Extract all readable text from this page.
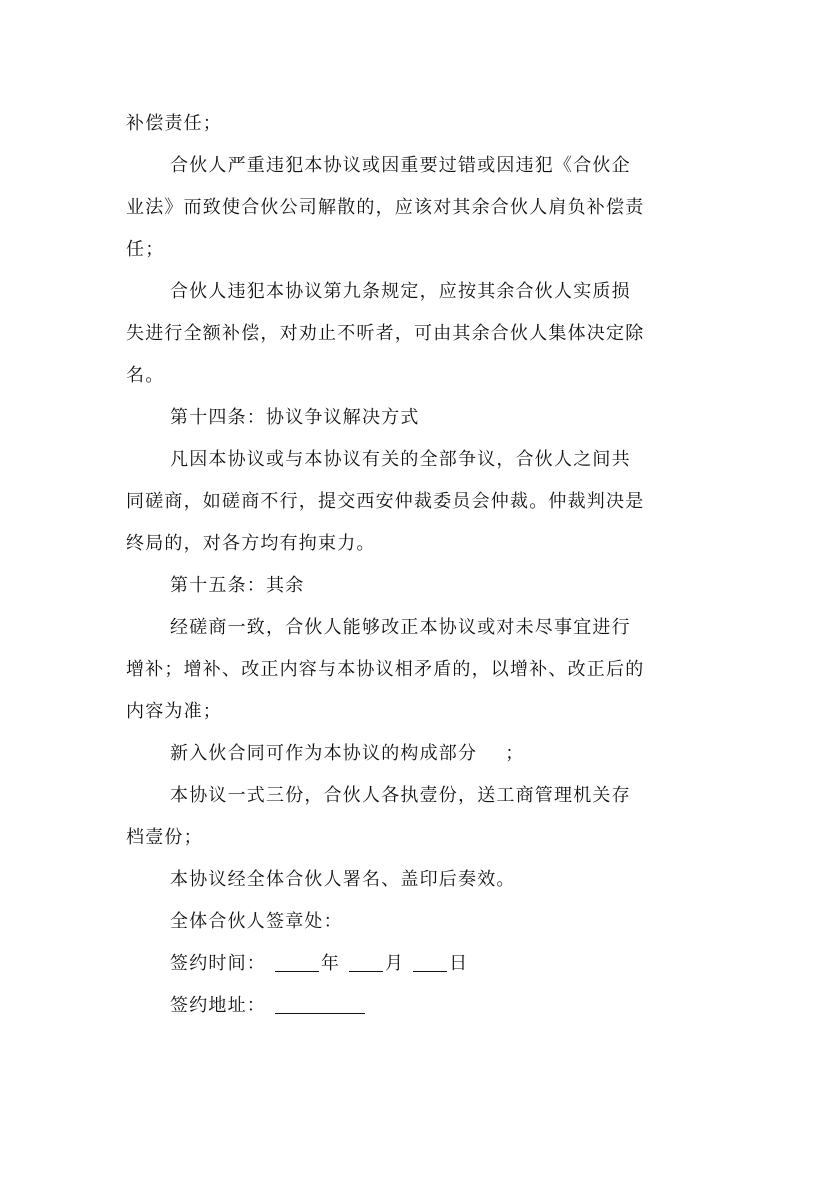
补偿责任；

合伙人严重违犯本协议或因重要过错或因违犯《合伙企业法》而致使合伙公司解散的，应该对其余合伙人肩负补偿责任；

合伙人违犯本协议第九条规定，应按其余合伙人实质损失进行全额补偿，对劝止不听者，可由其余合伙人集体决定除名。

第十四条：协议争议解决方式

凡因本协议或与本协议有关的全部争议，合伙人之间共同磋商，如磋商不行，提交西安仲裁委员会仲裁。仲裁判决是终局的，对各方均有拘束力。

第十五条：其余

经磋商一致，合伙人能够改正本协议或对未尽事宜进行增补；增补、改正内容与本协议相矛盾的，以增补、改正后的内容为准；

新入伙合同可作为本协议的构成部分 ；

本协议一式三份，合伙人各执壹份，送工商管理机关存档壹份；

本协议经全体合伙人署名、盖印后奏效。

全体合伙人签章处：

签约时间：	年 月 日
签约地址：
